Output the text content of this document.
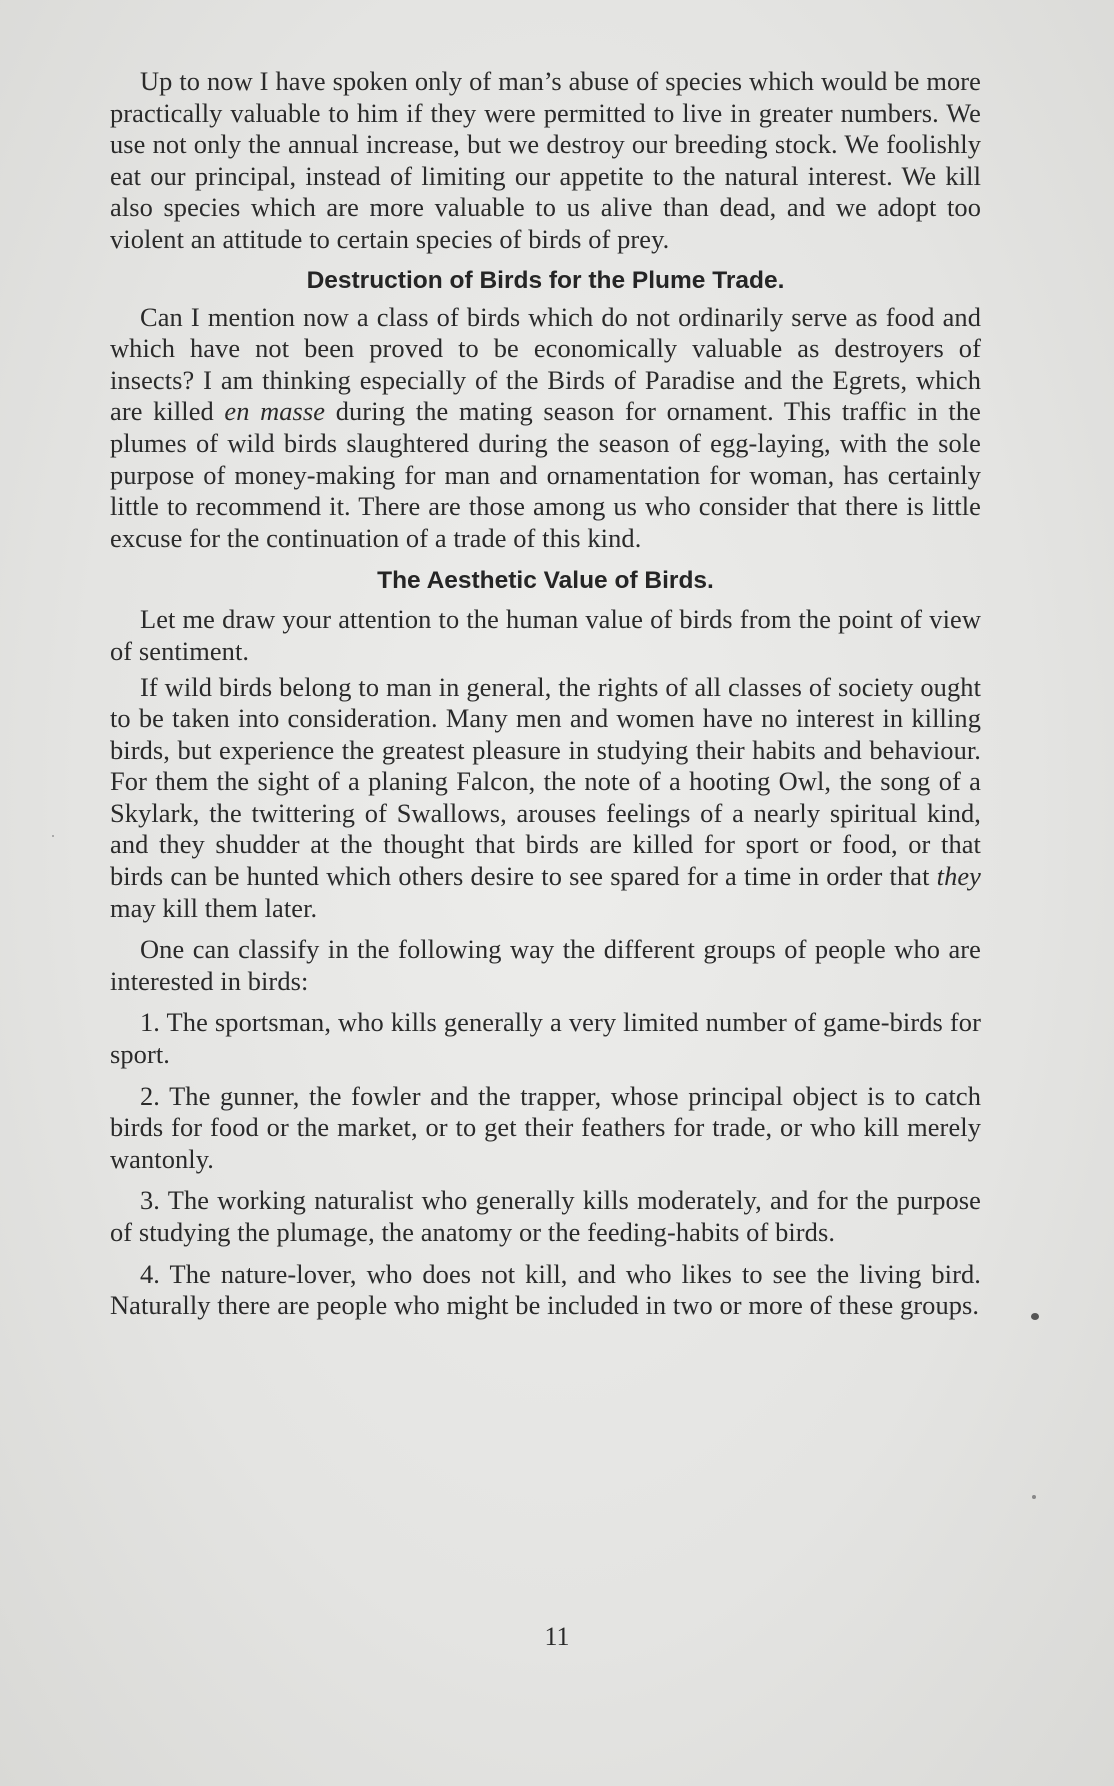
Up to now I have spoken only of man’s abuse of species which would be more practically valuable to him if they were permitted to live in greater numbers. We use not only the annual increase, but we destroy our breeding stock. We foolishly eat our principal, instead of limiting our appetite to the natural interest. We kill also species which are more valuable to us alive than dead, and we adopt too violent an attitude to certain species of birds of prey.

Destruction of Birds for the Plume Trade.

Can I mention now a class of birds which do not ordinarily serve as food and which have not been proved to be economically valuable as destroyers of insects? I am thinking especially of the Birds of Paradise and the Egrets, which are killed en masse during the mating season for ornament. This traffic in the plumes of wild birds slaughtered during the season of egg-laying, with the sole purpose of money-making for man and ornamentation for woman, has certainly little to recommend it. There are those among us who consider that there is little excuse for the continuation of a trade of this kind.

The Aesthetic Value of Birds.

Let me draw your attention to the human value of birds from the point of view of sentiment.

If wild birds belong to man in general, the rights of all classes of society ought to be taken into consideration. Many men and women have no interest in killing birds, but experience the greatest pleasure in studying their habits and behaviour. For them the sight of a planing Falcon, the note of a hooting Owl, the song of a Skylark, the twittering of Swallows, arouses feelings of a nearly spiritual kind, and they shudder at the thought that birds are killed for sport or food, or that birds can be hunted which others desire to see spared for a time in order that they may kill them later.

One can classify in the following way the different groups of people who are interested in birds:

1. The sportsman, who kills generally a very limited number of game-birds for sport.

2. The gunner, the fowler and the trapper, whose principal object is to catch birds for food or the market, or to get their feathers for trade, or who kill merely wantonly.

3. The working naturalist who generally kills moderately, and for the purpose of studying the plumage, the anatomy or the feeding-habits of birds.

4. The nature-lover, who does not kill, and who likes to see the living bird. Naturally there are people who might be included in two or more of these groups.

11
